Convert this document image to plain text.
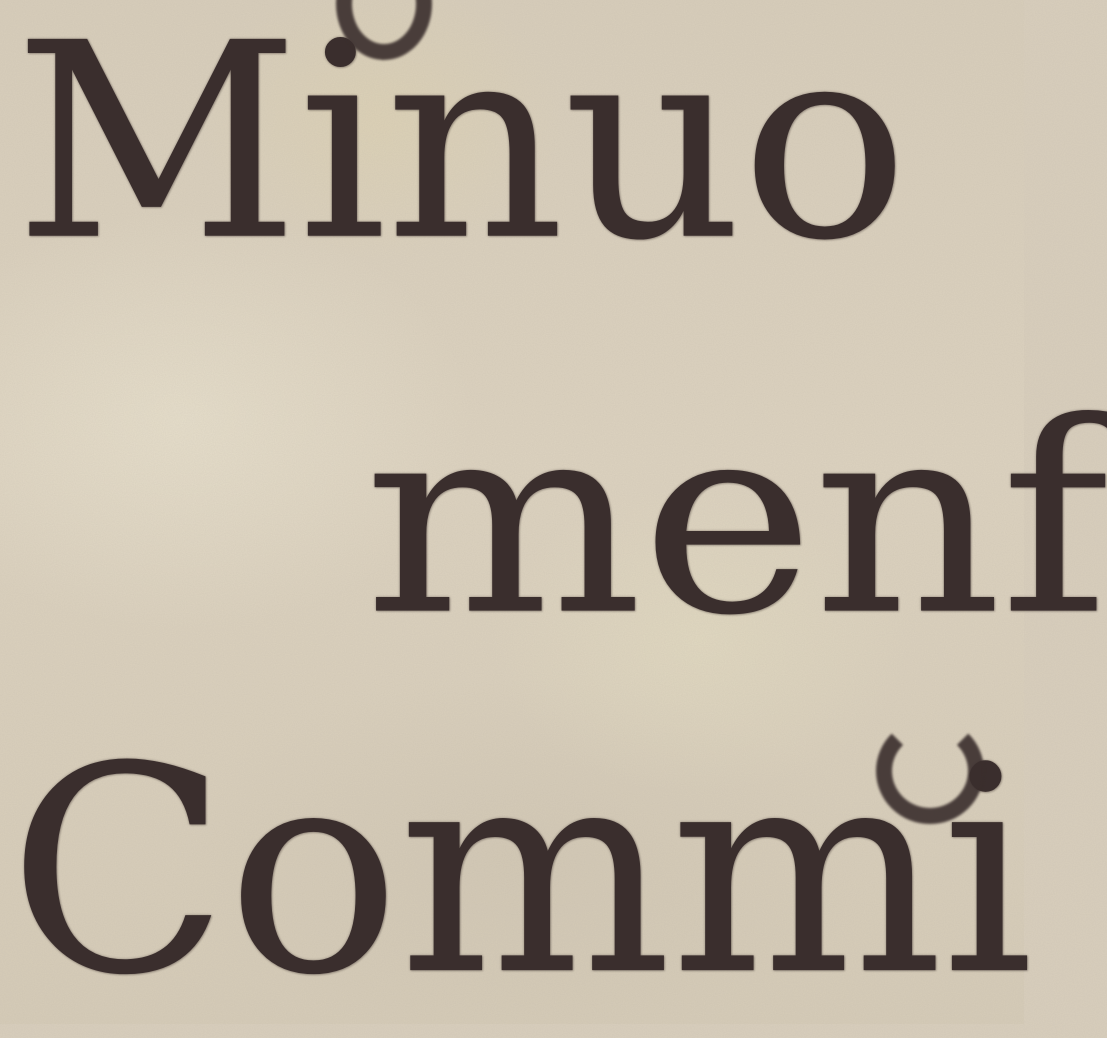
Minuo

menf

Commi
